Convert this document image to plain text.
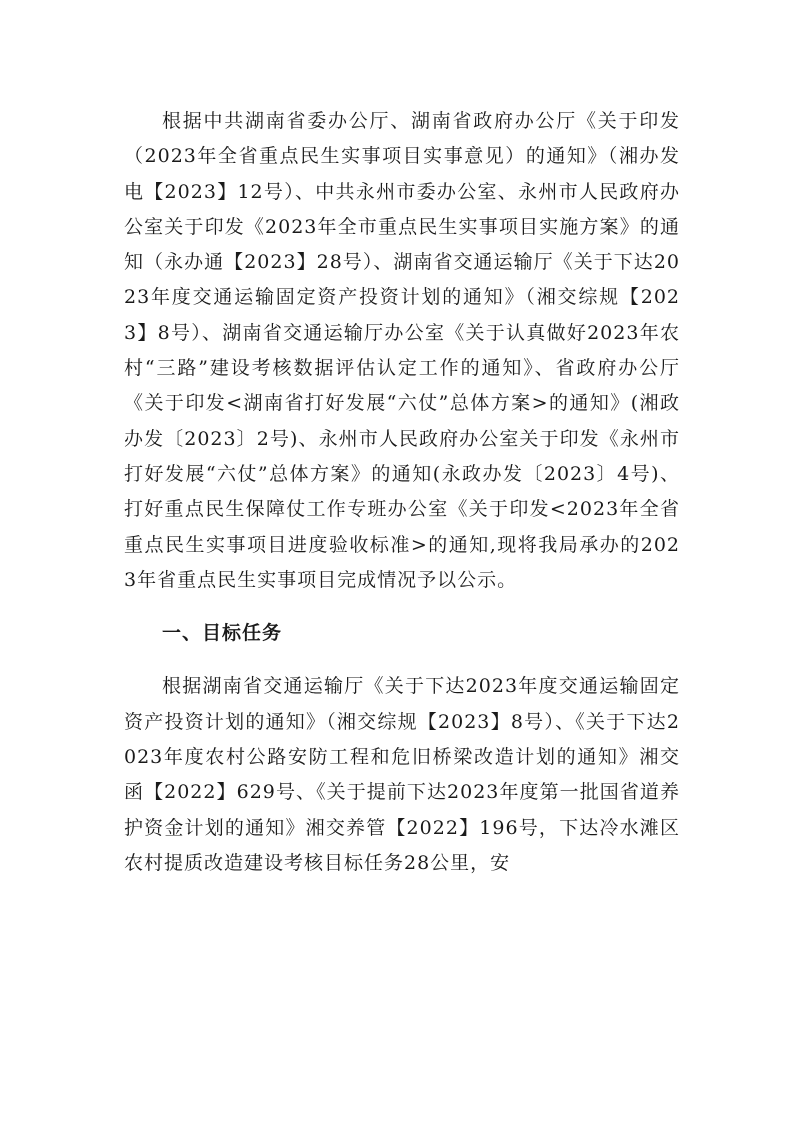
根据中共湖南省委办公厅、湖南省政府办公厅《关于印发（2023年全省重点民生实事项目实事意见）的通知》（湘办发电【2023】12号）、中共永州市委办公室、永州市人民政府办公室关于印发《2023年全市重点民生实事项目实施方案》的通知（永办通【2023】28号）、湖南省交通运输厅《关于下达2023年度交通运输固定资产投资计划的通知》（湘交综规【2023】8号）、湖南省交通运输厅办公室《关于认真做好2023年农村“三路”建设考核数据评估认定工作的通知》、省政府办公厅《关于印发<湖南省打好发展“六仗”总体方案>的通知》(湘政办发〔2023〕2号)、永州市人民政府办公室关于印发《永州市打好发展“六仗”总体方案》的通知(永政办发〔2023〕4号)、打好重点民生保障仗工作专班办公室《关于印发<2023年全省重点民生实事项目进度验收标准>的通知,现将我局承办的2023年省重点民生实事项目完成情况予以公示。

一、目标任务

根据湖南省交通运输厅《关于下达2023年度交通运输固定资产投资计划的通知》（湘交综规【2023】8号）、《关于下达2023年度农村公路安防工程和危旧桥梁改造计划的通知》湘交函【2022】629号、《关于提前下达2023年度第一批国省道养护资金计划的通知》湘交养管【2022】196号，下达冷水滩区农村提质改造建设考核目标任务28公里，安
